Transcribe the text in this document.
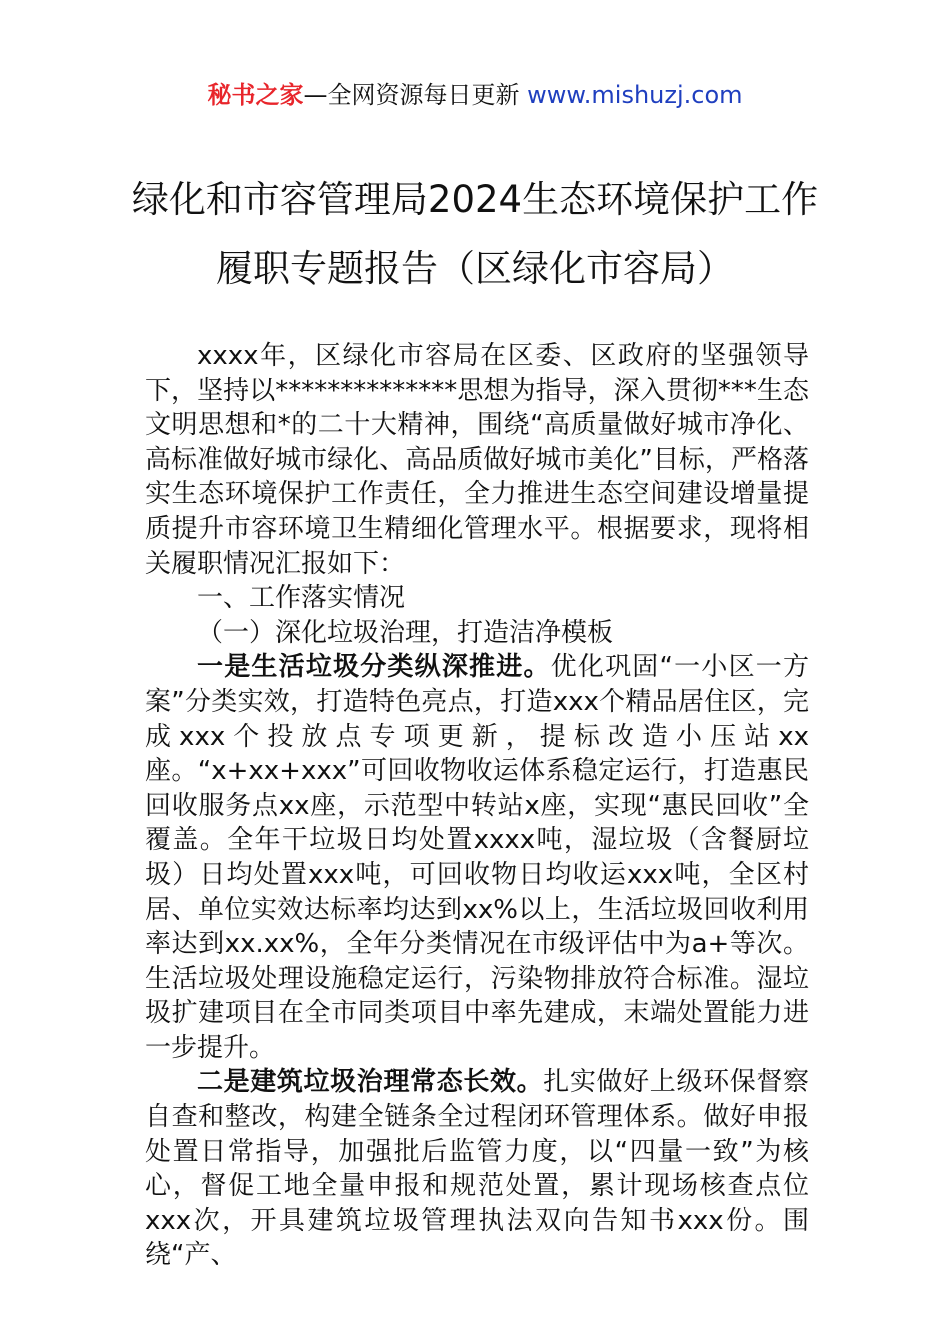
秘书之家—全网资源每日更新 www.mishuzj.com
绿化和市容管理局2024生态环境保护工作
履职专题报告（区绿化市容局）

xxxx年，区绿化市容局在区委、区政府的坚强领导下，坚持以**************思想为指导，深入贯彻***生态文明思想和*的二十大精神，围绕“高质量做好城市净化、高标准做好城市绿化、高品质做好城市美化”目标，严格落实生态环境保护工作责任，全力推进生态空间建设增量提质提升市容环境卫生精细化管理水平。根据要求，现将相关履职情况汇报如下：

一、工作落实情况

（一）深化垃圾治理，打造洁净模板

一是生活垃圾分类纵深推进。优化巩固“一小区一方案”分类实效，打造特色亮点，打造xxx个精品居住区，完成xxx个投放点专项更新，提标改造小压站xx座。“x+xx+xxx”可回收物收运体系稳定运行，打造惠民回收服务点xx座，示范型中转站x座，实现“惠民回收”全覆盖。全年干垃圾日均处置xxxx吨，湿垃圾（含餐厨垃圾）日均处置xxx吨，可回收物日均收运xxx吨，全区村居、单位实效达标率均达到xx%以上，生活垃圾回收利用率达到xx.xx%，全年分类情况在市级评估中为a+等次。生活垃圾处理设施稳定运行，污染物排放符合标准。湿垃圾扩建项目在全市同类项目中率先建成，末端处置能力进一步提升。

二是建筑垃圾治理常态长效。扎实做好上级环保督察自查和整改，构建全链条全过程闭环管理体系。做好申报处置日常指导，加强批后监管力度，以“四量一致”为核心，督促工地全量申报和规范处置，累计现场核查点位xxx次，开具建筑垃圾管理执法双向告知书xxx份。围绕“产、
